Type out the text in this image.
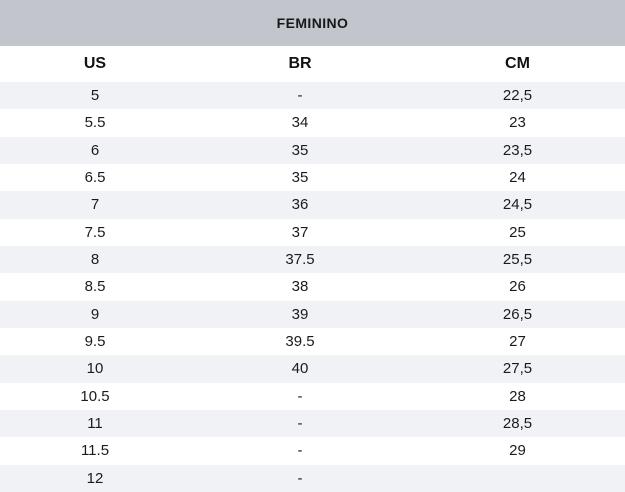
FEMININO
US	BR	CM
5	-	22,5
5.5	34	23
6	35	23,5
6.5	35	24
7	36	24,5
7.5	37	25
8	37.5	25,5
8.5	38	26
9	39	26,5
9.5	39.5	27
10	40	27,5
10.5	-	28
11	-	28,5
11.5	-	29
12	-	
